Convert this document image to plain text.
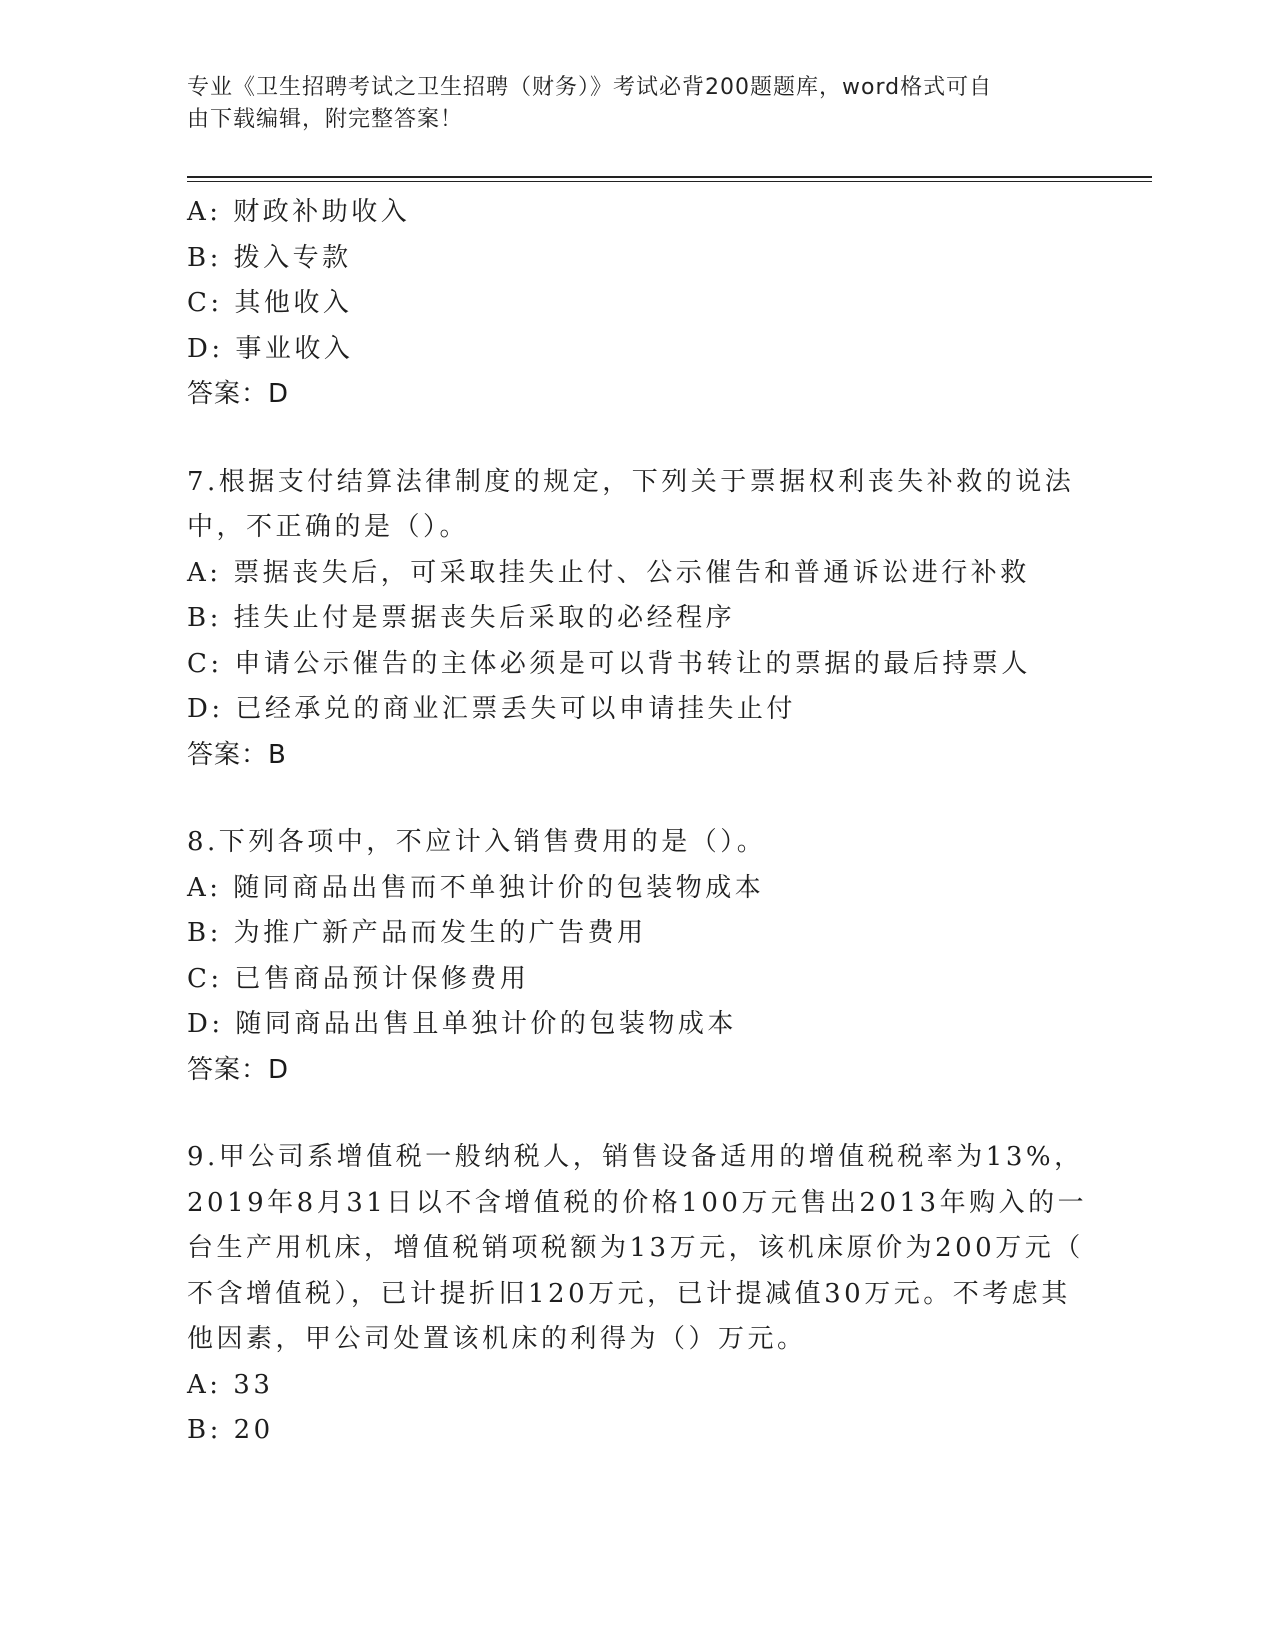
专业《卫生招聘考试之卫生招聘（财务）》考试必背200题题库，word格式可自
由下载编辑，附完整答案！
A: 财政补助收入
B: 拨入专款
C: 其他收入
D: 事业收入
答案：D
7.根据支付结算法律制度的规定，下列关于票据权利丧失补救的说法
中，不正确的是（）。
A: 票据丧失后，可采取挂失止付、公示催告和普通诉讼进行补救
B: 挂失止付是票据丧失后采取的必经程序
C: 申请公示催告的主体必须是可以背书转让的票据的最后持票人
D: 已经承兑的商业汇票丢失可以申请挂失止付
答案：B
8.下列各项中，不应计入销售费用的是（）。
A: 随同商品出售而不单独计价的包装物成本
B: 为推广新产品而发生的广告费用
C: 已售商品预计保修费用
D: 随同商品出售且单独计价的包装物成本
答案：D
9.甲公司系增值税一般纳税人，销售设备适用的增值税税率为13%，
2019年8月31日以不含增值税的价格100万元售出2013年购入的一
台生产用机床，增值税销项税额为13万元，该机床原价为200万元（
不含增值税），已计提折旧120万元，已计提减值30万元。不考虑其
他因素，甲公司处置该机床的利得为（）万元。
A: 33
B: 20
